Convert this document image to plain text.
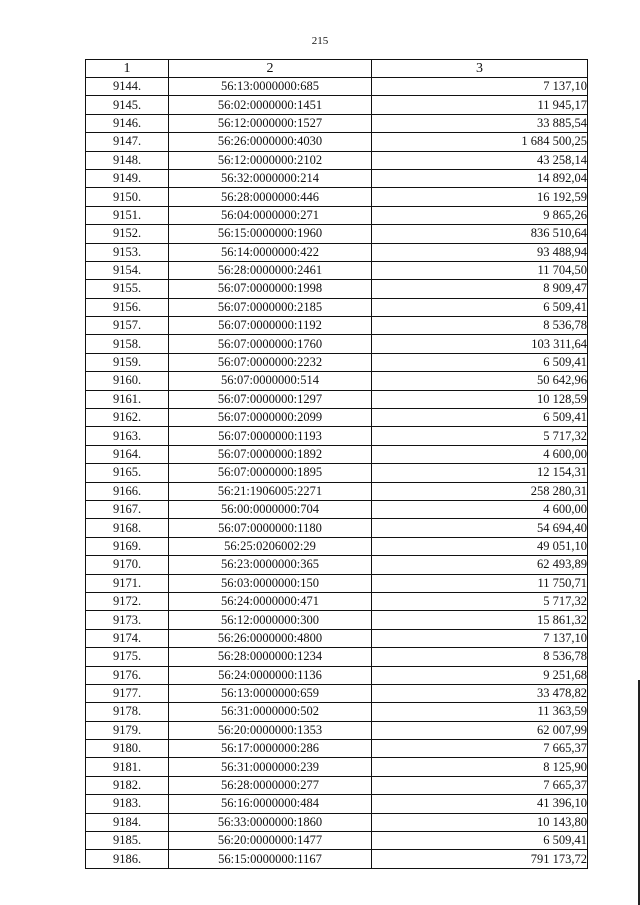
215
1	2	3
9144.	56:13:0000000:685	7 137,10
9145.	56:02:0000000:1451	11 945,17
9146.	56:12:0000000:1527	33 885,54
9147.	56:26:0000000:4030	1 684 500,25
9148.	56:12:0000000:2102	43 258,14
9149.	56:32:0000000:214	14 892,04
9150.	56:28:0000000:446	16 192,59
9151.	56:04:0000000:271	9 865,26
9152.	56:15:0000000:1960	836 510,64
9153.	56:14:0000000:422	93 488,94
9154.	56:28:0000000:2461	11 704,50
9155.	56:07:0000000:1998	8 909,47
9156.	56:07:0000000:2185	6 509,41
9157.	56:07:0000000:1192	8 536,78
9158.	56:07:0000000:1760	103 311,64
9159.	56:07:0000000:2232	6 509,41
9160.	56:07:0000000:514	50 642,96
9161.	56:07:0000000:1297	10 128,59
9162.	56:07:0000000:2099	6 509,41
9163.	56:07:0000000:1193	5 717,32
9164.	56:07:0000000:1892	4 600,00
9165.	56:07:0000000:1895	12 154,31
9166.	56:21:1906005:2271	258 280,31
9167.	56:00:0000000:704	4 600,00
9168.	56:07:0000000:1180	54 694,40
9169.	56:25:0206002:29	49 051,10
9170.	56:23:0000000:365	62 493,89
9171.	56:03:0000000:150	11 750,71
9172.	56:24:0000000:471	5 717,32
9173.	56:12:0000000:300	15 861,32
9174.	56:26:0000000:4800	7 137,10
9175.	56:28:0000000:1234	8 536,78
9176.	56:24:0000000:1136	9 251,68
9177.	56:13:0000000:659	33 478,82
9178.	56:31:0000000:502	11 363,59
9179.	56:20:0000000:1353	62 007,99
9180.	56:17:0000000:286	7 665,37
9181.	56:31:0000000:239	8 125,90
9182.	56:28:0000000:277	7 665,37
9183.	56:16:0000000:484	41 396,10
9184.	56:33:0000000:1860	10 143,80
9185.	56:20:0000000:1477	6 509,41
9186.	56:15:0000000:1167	791 173,72
